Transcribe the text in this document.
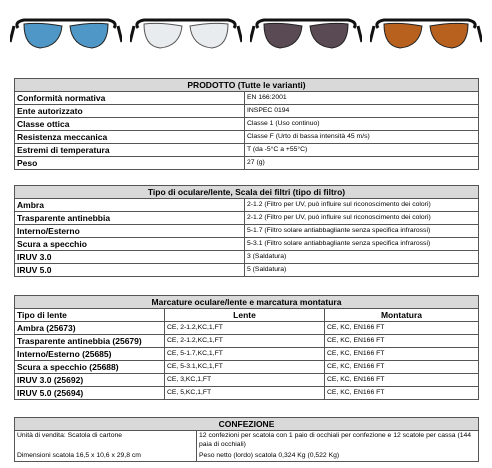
PRODOTTO (Tutte le varianti)	
Conformità normativa	EN 166:2001
Ente autorizzato	INSPEC 0194
Classe ottica	Classe 1 (Uso continuo)
Resistenza meccanica	Classe F (Urto di bassa intensità 45 m/s)
Estremi di temperatura	T (da -5°C a +55°C)
Peso	27 (g)
Tipo di oculare/lente, Scala dei filtri (tipo di filtro)	
Ambra	2-1.2 (Filtro per UV, può influire sul riconoscimento dei colori)
Trasparente antinebbia	2-1.2 (Filtro per UV, può influire sul riconoscimento dei colori)
Interno/Esterno	5-1.7 (Filtro solare antiabbagliante senza specifica infrarossi)
Scura a specchio	5-3.1 (Filtro solare antiabbagliante senza specifica infrarossi)
IRUV 3.0	3 (Saldatura)
IRUV 5.0	5 (Saldatura)
Marcature oculare/lente e marcatura montatura		
Tipo di lente	Lente	Montatura
Ambra (25673)	CE, 2-1.2,KC,1,FT	CE, KC, EN166 FT
Trasparente antinebbia (25679)	CE, 2-1.2,KC,1,FT	CE, KC, EN166 FT
Interno/Esterno (25685)	CE, 5-1.7,KC,1,FT	CE, KC, EN166 FT
Scura a specchio (25688)	CE, 5-3.1,KC,1,FT	CE, KC, EN166 FT
IRUV 3.0 (25692)	CE, 3,KC,1,FT	CE, KC, EN166 FT
IRUV 5.0 (25694)	CE, 5,KC,1,FT	CE, KC, EN166 FT
CONFEZIONE	
Unità di vendita: Scatola di cartone	12 confezioni per scatola con 1 paio di occhiali per confezione e 12 scatole per cassa (144 paia di occhiali)
Dimensioni scatola 16,5 x 10,6 x 29,8 cm	Peso netto (lordo) scatola 0,324 Kg (0,522 Kg)
